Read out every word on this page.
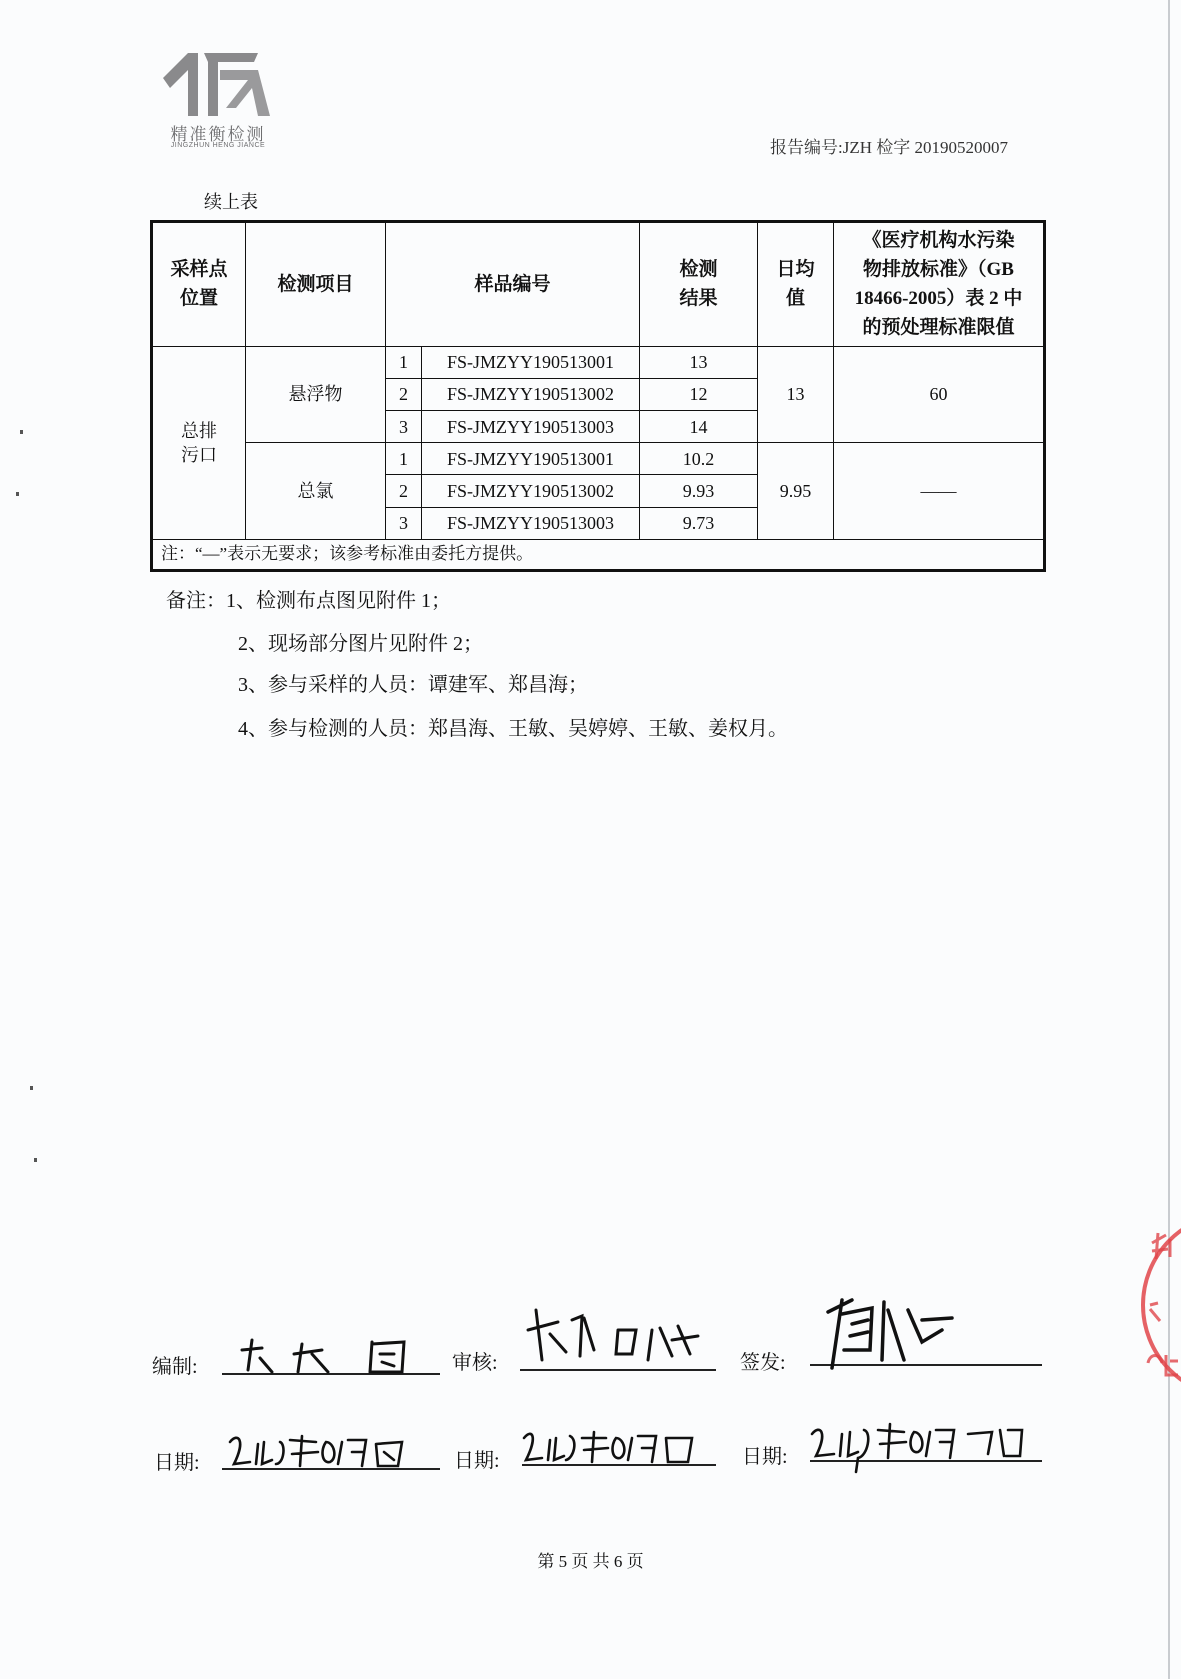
精准衡检测
JINGZHUN HENG JIANCE	报告编号:JZH 检字 20190520007
续上表
采样点位置	检测项目	样品编号		检测结果	日均值	《医疗机构水污染
物排放标准》（GB
18466-2005）表 2 中
的预处理标准限值

总排污口	悬浮物	1	FS-JMZYY190513001	13	13	60
		2	FS-JMZYY190513002	12		
		3	FS-JMZYY190513003	14		
	总氯	1	FS-JMZYY190513001	10.2	9.95	——
		2	FS-JMZYY190513002	9.93		
		3	FS-JMZYY190513003	9.73		
注：“—”表示无要求；该参考标准由委托方提供。						
备注：1、检测布点图见附件 1；
2、现场部分图片见附件 2；
3、参与采样的人员：谭建军、郑昌海；
4、参与检测的人员：郑昌海、王敏、吴婷婷、王敏、姜权月。
编制:	审核:	签发:
日期:	日期:	日期:
第 5 页 共 6 页
